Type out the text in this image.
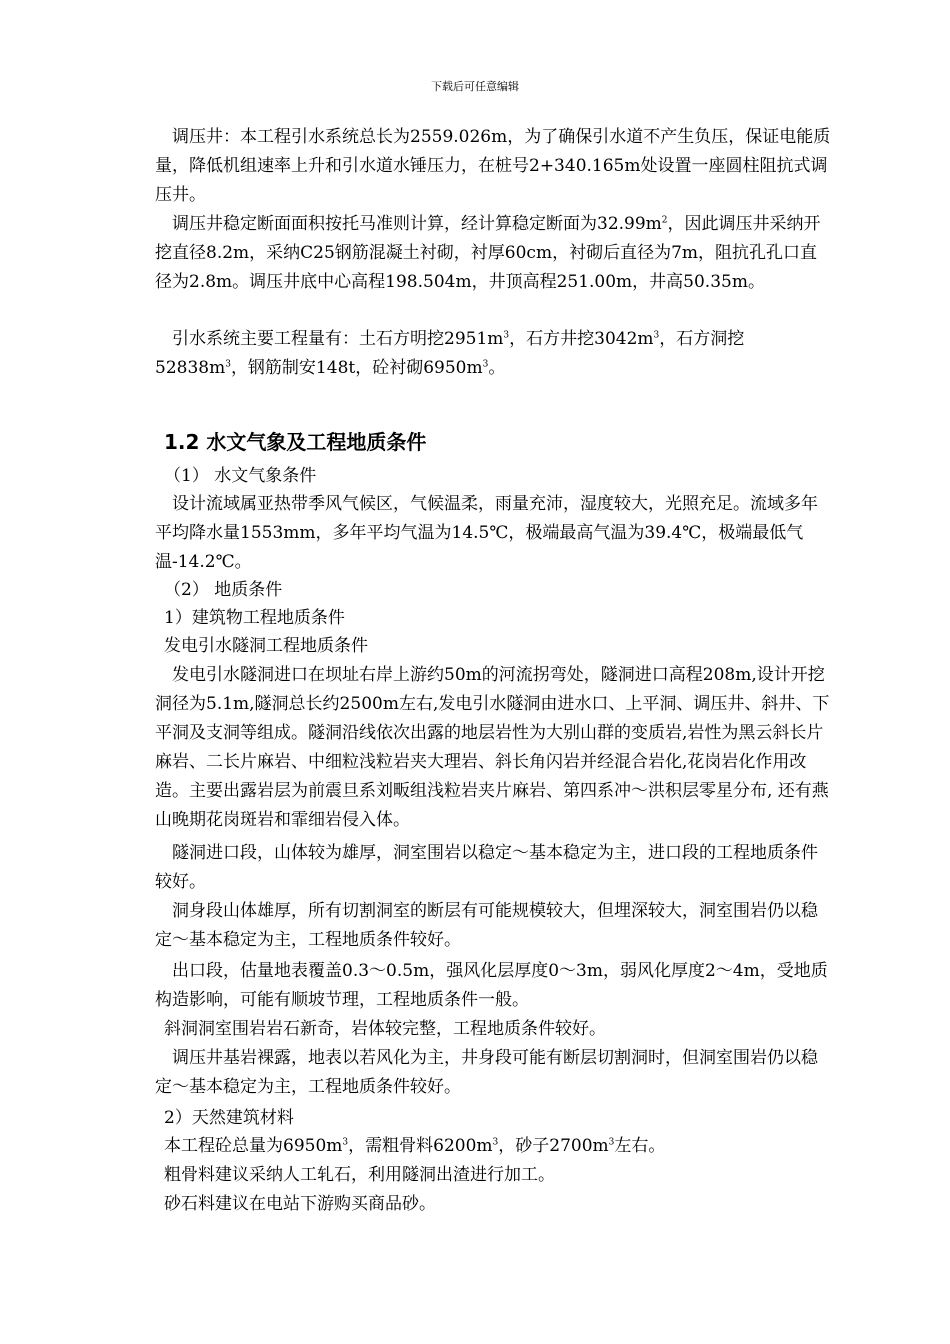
下载后可任意编辑

调压井：本工程引水系统总长为2559.026m，为了确保引水道不产生负压，保证电能质量，降低机组速率上升和引水道水锤压力，在桩号2+340.165m处设置一座圆柱阻抗式调压井。

调压井稳定断面面积按托马准则计算，经计算稳定断面为$32.99m^2$，因此调压井采纳开挖直径8.2m，采纳C25钢筋混凝土衬砌，衬厚60cm，衬砌后直径为7m，阻抗孔孔口直径为2.8m。调压井底中心高程198.504m，井顶高程251.00m，井高50.35m。

引水系统主要工程量有：土石方明挖$2951m^3$，石方井挖$3042m^3$，石方洞挖$52838m^3$，钢筋制安148t，砼衬砌$6950m^3$。

1.2 水文气象及工程地质条件

（1） 水文气象条件

设计流域属亚热带季风气候区，气候温柔，雨量充沛，湿度较大，光照充足。流域多年平均降水量1553mm，多年平均气温为14.5℃，极端最高气温为39.4℃，极端最低气温-14.2℃。

（2） 地质条件

1）建筑物工程地质条件

发电引水隧洞工程地质条件

发电引水隧洞进口在坝址右岸上游约50m的河流拐弯处，隧洞进口高程208m,设计开挖洞径为5.1m,隧洞总长约2500m左右,发电引水隧洞由进水口、上平洞、调压井、斜井、下平洞及支洞等组成。隧洞沿线依次出露的地层岩性为大别山群的变质岩,岩性为黑云斜长片麻岩、二长片麻岩、中细粒浅粒岩夹大理岩、斜长角闪岩并经混合岩化,花岗岩化作用改造。主要出露岩层为前震旦系刘畈组浅粒岩夹片麻岩、第四系冲～洪积层零星分布, 还有燕山晚期花岗斑岩和霏细岩侵入体。

隧洞进口段，山体较为雄厚，洞室围岩以稳定～基本稳定为主，进口段的工程地质条件较好。

洞身段山体雄厚，所有切割洞室的断层有可能规模较大，但埋深较大，洞室围岩仍以稳定～基本稳定为主，工程地质条件较好。

出口段，估量地表覆盖0.3～0.5m，强风化层厚度0～3m，弱风化厚度2～4m，受地质构造影响，可能有顺坡节理，工程地质条件一般。

斜洞洞室围岩岩石新奇，岩体较完整，工程地质条件较好。

调压井基岩裸露，地表以若风化为主，井身段可能有断层切割洞时，但洞室围岩仍以稳定～基本稳定为主，工程地质条件较好。

2）天然建筑材料

本工程砼总量为$6950m^3$，需粗骨料$6200m^3$，砂子$2700m^3$左右。

粗骨料建议采纳人工轧石，利用隧洞出渣进行加工。

砂石料建议在电站下游购买商品砂。
